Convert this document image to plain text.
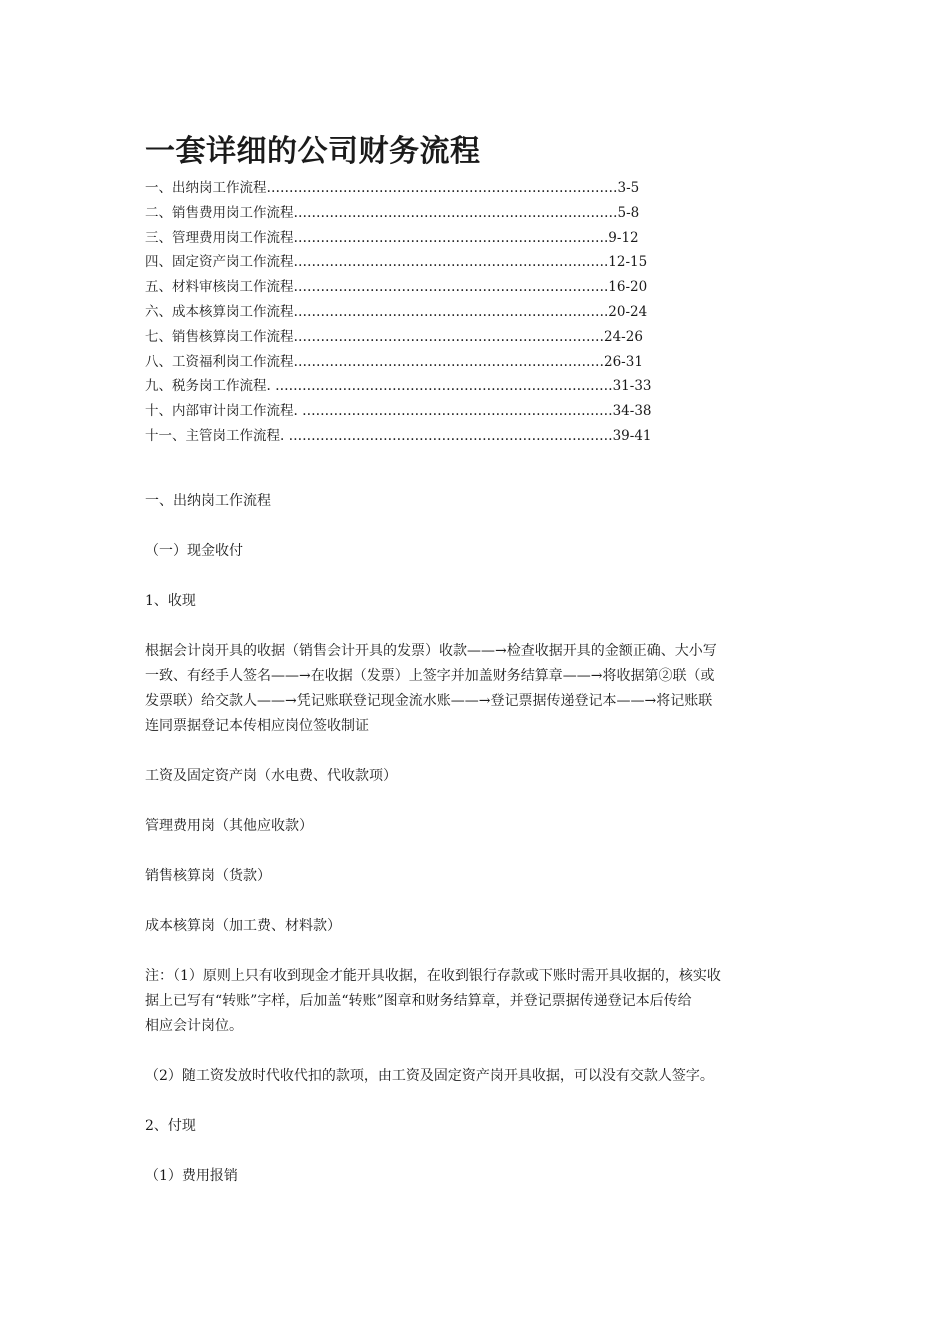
一套详细的公司财务流程
一、出纳岗工作流程……………………………………………………………………3-5
二、销售费用岗工作流程………………………………………………………………5-8
三、管理费用岗工作流程…………………………………………………………….9-12
四、固定资产岗工作流程…………………………………………………………….12-15
五、材料审核岗工作流程…………………………………………………………….16-20
六、成本核算岗工作流程…………………………………………………………….20-24
七、销售核算岗工作流程……………………………………………………………24-26
八、工资福利岗工作流程……………………………………………………………26-31
九、税务岗工作流程. …………………………………………………………………31-33
十、内部审计岗工作流程. ……………………………………………………………34-38
十一、主管岗工作流程. ………………………………………………………………39-41

一、出纳岗工作流程

（一）现金收付

1、收现

根据会计岗开具的收据（销售会计开具的发票）收款——→检查收据开具的金额正确、大小写
一致、有经手人签名——→在收据（发票）上签字并加盖财务结算章——→将收据第②联（或
发票联）给交款人——→凭记账联登记现金流水账——→登记票据传递登记本——→将记账联
连同票据登记本传相应岗位签收制证

工资及固定资产岗（水电费、代收款项）

管理费用岗（其他应收款）

销售核算岗（货款）

成本核算岗（加工费、材料款）

注：（1）原则上只有收到现金才能开具收据，在收到银行存款或下账时需开具收据的，核实收
据上已写有“转账”字样，后加盖“转账”图章和财务结算章，并登记票据传递登记本后传给
相应会计岗位。

（2）随工资发放时代收代扣的款项，由工资及固定资产岗开具收据，可以没有交款人签字。

2、付现

（1）费用报销
